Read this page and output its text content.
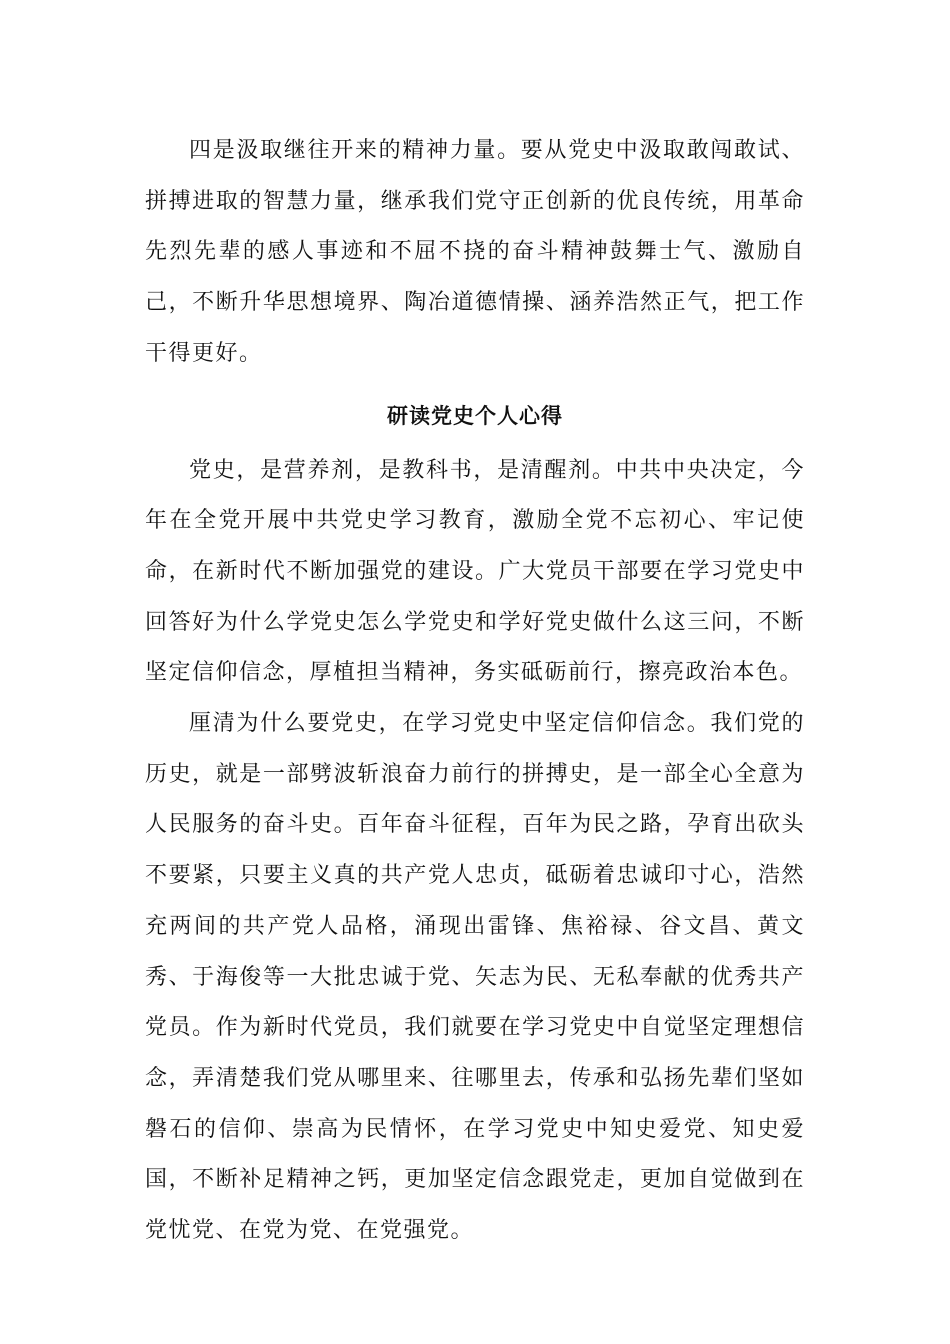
四是汲取继往开来的精神力量。要从党史中汲取敢闯敢试、拼搏进取的智慧力量，继承我们党守正创新的优良传统，用革命先烈先辈的感人事迹和不屈不挠的奋斗精神鼓舞士气、激励自己，不断升华思想境界、陶冶道德情操、涵养浩然正气，把工作干得更好。

研读党史个人心得

党史，是营养剂，是教科书，是清醒剂。中共中央决定，今年在全党开展中共党史学习教育，激励全党不忘初心、牢记使命，在新时代不断加强党的建设。广大党员干部要在学习党史中回答好为什么学党史怎么学党史和学好党史做什么这三问，不断坚定信仰信念，厚植担当精神，务实砥砺前行，擦亮政治本色。

厘清为什么要党史，在学习党史中坚定信仰信念。我们党的历史，就是一部劈波斩浪奋力前行的拼搏史，是一部全心全意为人民服务的奋斗史。百年奋斗征程，百年为民之路，孕育出砍头不要紧，只要主义真的共产党人忠贞，砥砺着忠诚印寸心，浩然充两间的共产党人品格，涌现出雷锋、焦裕禄、谷文昌、黄文秀、于海俊等一大批忠诚于党、矢志为民、无私奉献的优秀共产党员。作为新时代党员，我们就要在学习党史中自觉坚定理想信念，弄清楚我们党从哪里来、往哪里去，传承和弘扬先辈们坚如磐石的信仰、崇高为民情怀，在学习党史中知史爱党、知史爱国，不断补足精神之钙，更加坚定信念跟党走，更加自觉做到在党忧党、在党为党、在党强党。
